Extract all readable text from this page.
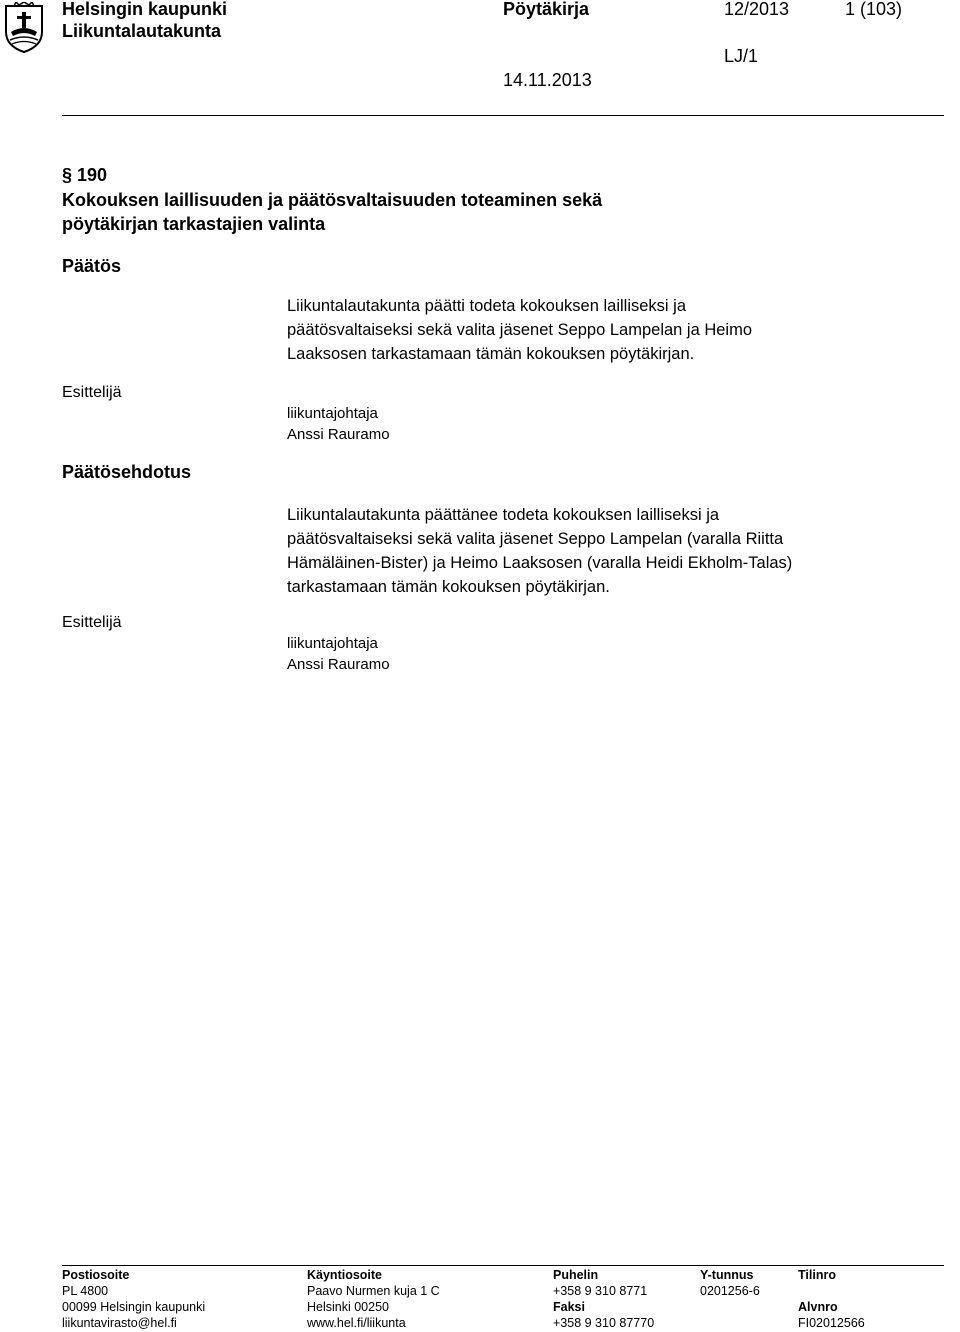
Helsingin kaupunki
Liikuntalautakunta
Pöytäkirja	12/2013	1 (103)
LJ/1
14.11.2013
§ 190
Kokouksen laillisuuden ja päätösvaltaisuuden toteaminen sekä
pöytäkirjan tarkastajien valinta
Päätös
Liikuntalautakunta päätti todeta kokouksen lailliseksi ja
päätösvaltaiseksi sekä valita jäsenet Seppo Lampelan ja Heimo
Laaksosen tarkastamaan tämän kokouksen pöytäkirjan.
Esittelijä
liikuntajohtaja
Anssi Rauramo
Päätösehdotus
Liikuntalautakunta päättänee todeta kokouksen lailliseksi ja
päätösvaltaiseksi sekä valita jäsenet Seppo Lampelan (varalla Riitta
Hämäläinen-Bister) ja Heimo Laaksosen (varalla Heidi Ekholm-Talas)
tarkastamaan tämän kokouksen pöytäkirjan.
Esittelijä
liikuntajohtaja
Anssi Rauramo
Postiosoite
PL 4800
00099 Helsingin kaupunki
liikuntavirasto@hel.fi
Käyntiosoite
Paavo Nurmen kuja 1 C
Helsinki 00250
www.hel.fi/liikunta
Puhelin
+358 9 310 8771
Faksi
+358 9 310 87770
Y-tunnus
0201256-6
Tilinro

Alvnro
FI02012566
